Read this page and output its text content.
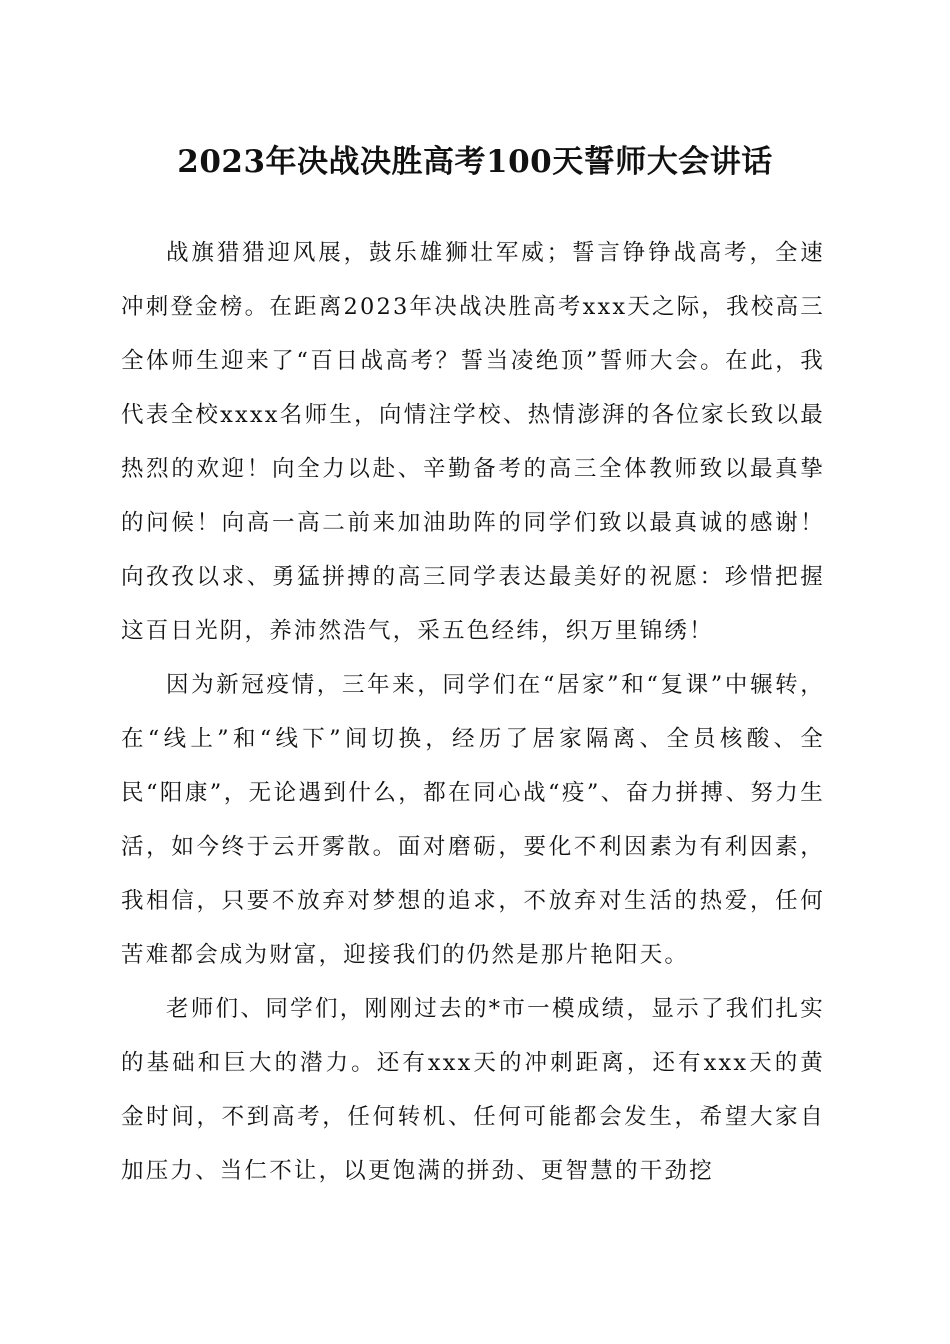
2023年决战决胜高考100天誓师大会讲话

战旗猎猎迎风展，鼓乐雄狮壮军威；誓言铮铮战高考，全速冲刺登金榜。在距离2023年决战决胜高考xxx天之际，我校高三全体师生迎来了“百日战高考？誓当凌绝顶”誓师大会。在此，我代表全校xxxx名师生，向情注学校、热情澎湃的各位家长致以最热烈的欢迎！向全力以赴、辛勤备考的高三全体教师致以最真挚的问候！向高一高二前来加油助阵的同学们致以最真诚的感谢！向孜孜以求、勇猛拼搏的高三同学表达最美好的祝愿：珍惜把握这百日光阴，养沛然浩气，采五色经纬，织万里锦绣！

因为新冠疫情，三年来，同学们在“居家”和“复课”中辗转，在“线上”和“线下”间切换，经历了居家隔离、全员核酸、全民“阳康”，无论遇到什么，都在同心战“疫”、奋力拼搏、努力生活，如今终于云开雾散。面对磨砺，要化不利因素为有利因素，我相信，只要不放弃对梦想的追求，不放弃对生活的热爱，任何苦难都会成为财富，迎接我们的仍然是那片艳阳天。

老师们、同学们，刚刚过去的*市一模成绩，显示了我们扎实的基础和巨大的潜力。还有xxx天的冲刺距离，还有xxx天的黄金时间，不到高考，任何转机、任何可能都会发生，希望大家自加压力、当仁不让，以更饱满的拼劲、更智慧的干劲挖
